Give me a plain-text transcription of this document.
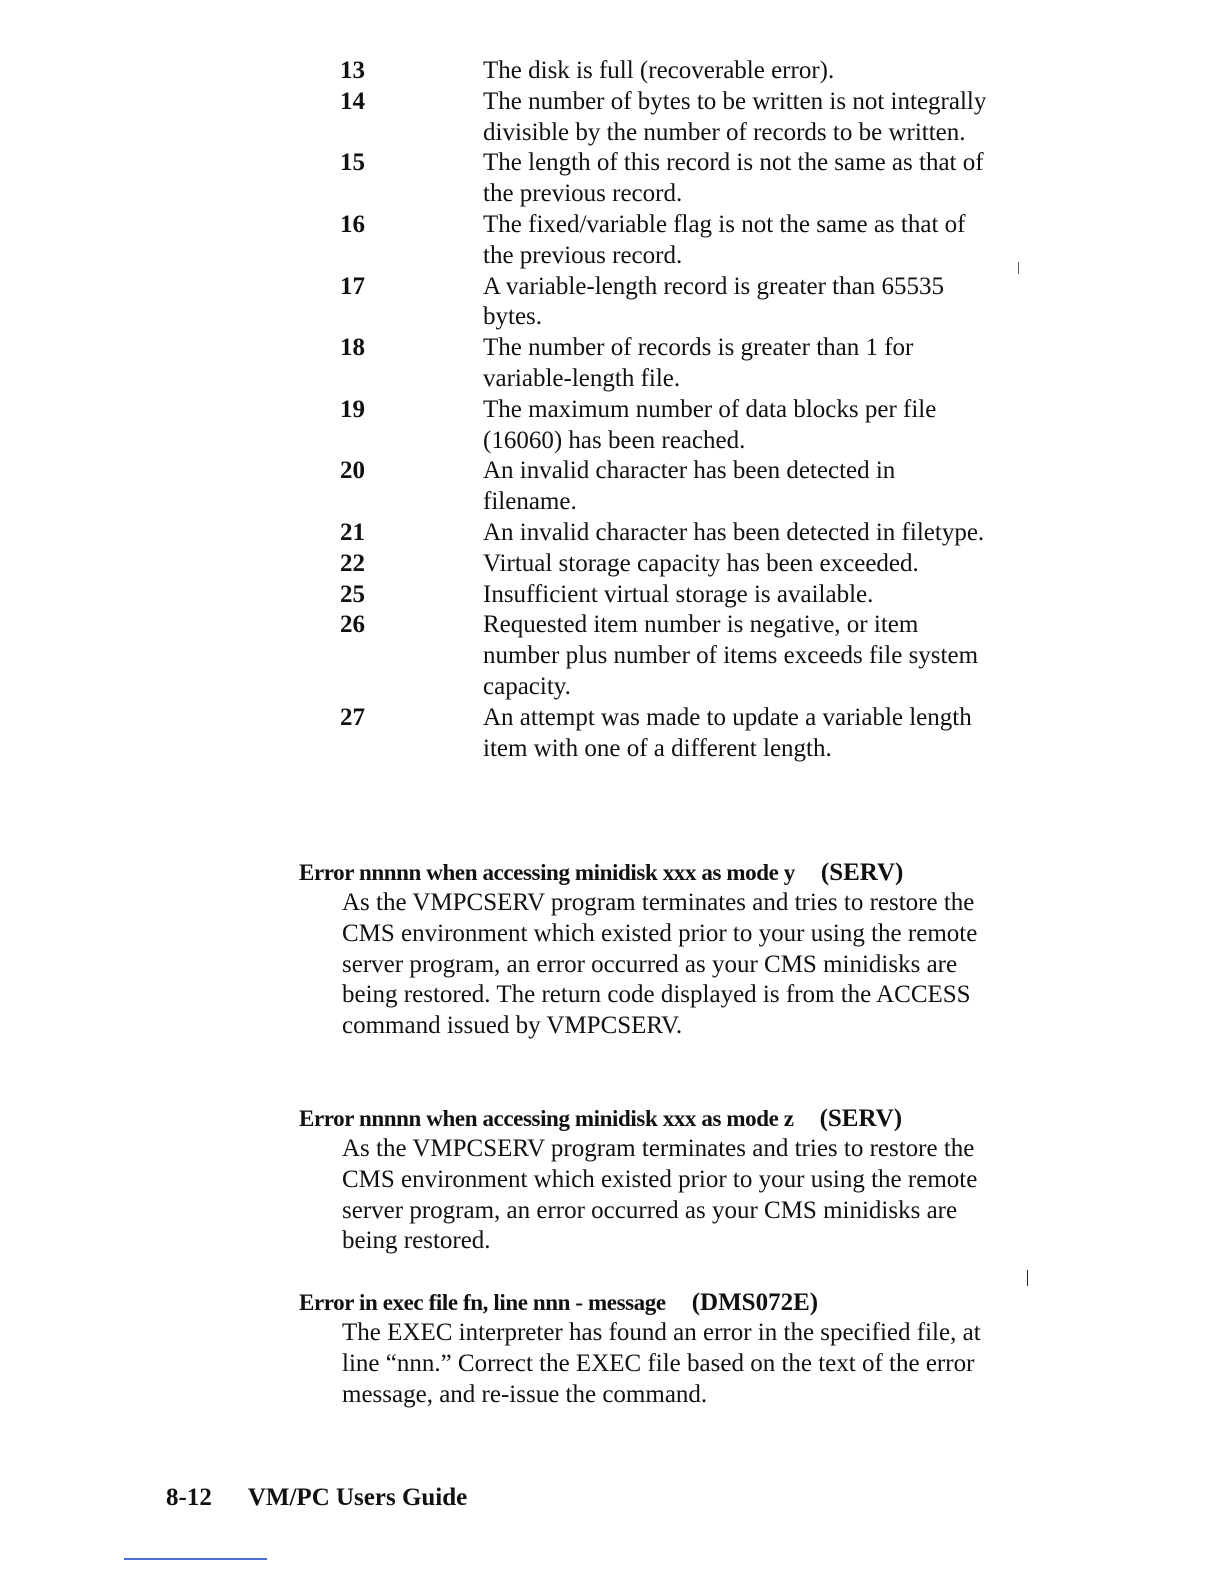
13	The disk is full (recoverable error).
14	The number of bytes to be written is not integrally divisible by the number of records to be written.
15	The length of this record is not the same as that of the previous record.
16	The fixed/variable flag is not the same as that of the previous record.
17	A variable-length record is greater than 65535 bytes.
18	The number of records is greater than 1 for variable-length file.
19	The maximum number of data blocks per file (16060) has been reached.
20	An invalid character has been detected in filename.
21	An invalid character has been detected in filetype.
22	Virtual storage capacity has been exceeded.
25	Insufficient virtual storage is available.
26	Requested item number is negative, or item number plus number of items exceeds file system capacity.
27	An attempt was made to update a variable length item with one of a different length.
Error nnnnn when accessing minidisk xxx as mode y (SERV)
As the VMPCSERV program terminates and tries to restore the CMS environment which existed prior to your using the remote server program, an error occurred as your CMS minidisks are being restored. The return code displayed is from the ACCESS command issued by VMPCSERV.
Error nnnnn when accessing minidisk xxx as mode z (SERV)
As the VMPCSERV program terminates and tries to restore the CMS environment which existed prior to your using the remote server program, an error occurred as your CMS minidisks are being restored.
Error in exec file fn, line nnn - message (DMS072E)
The EXEC interpreter has found an error in the specified file, at line “nnn.” Correct the EXEC file based on the text of the error message, and re-issue the command.
8-12 VM/PC Users Guide
